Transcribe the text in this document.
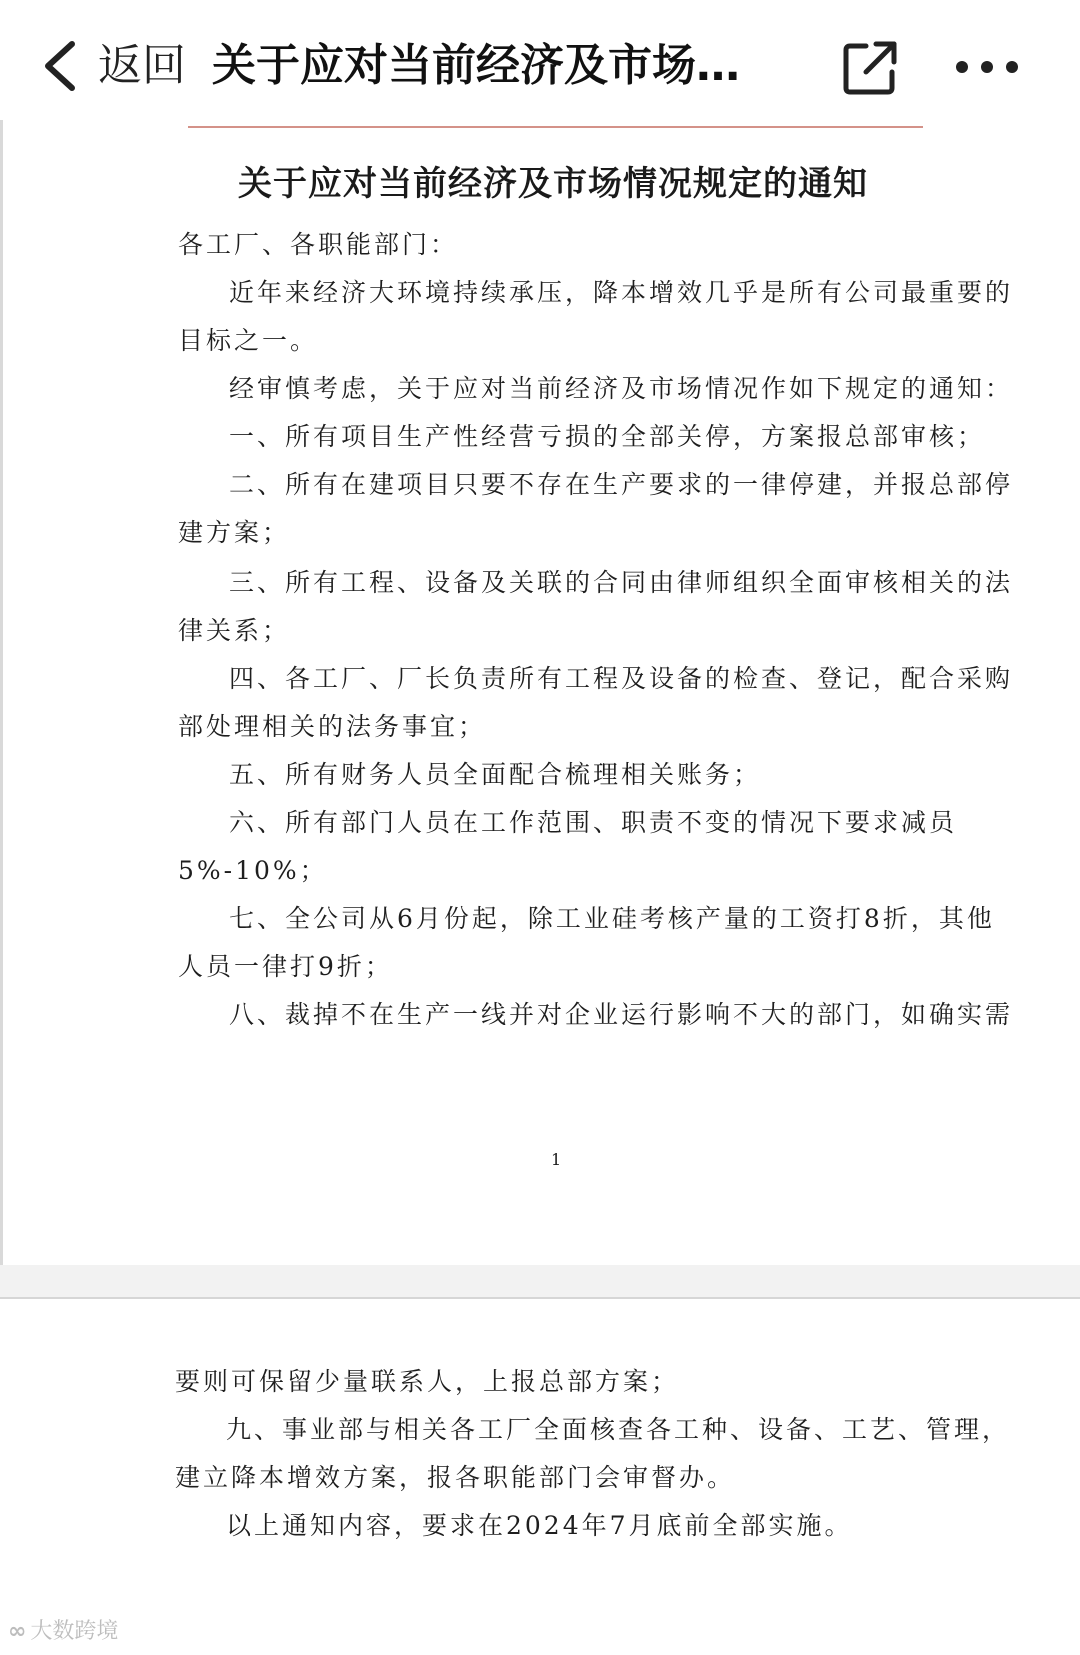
返回 关于应对当前经济及市场…
关于应对当前经济及市场情况规定的通知
各工厂、各职能部门：
近年来经济大环境持续承压，降本增效几乎是所有公司最重要的
目标之一。
经审慎考虑，关于应对当前经济及市场情况作如下规定的通知：
一、所有项目生产性经营亏损的全部关停，方案报总部审核；
二、所有在建项目只要不存在生产要求的一律停建，并报总部停
建方案；
三、所有工程、设备及关联的合同由律师组织全面审核相关的法
律关系；
四、各工厂、厂长负责所有工程及设备的检查、登记，配合采购
部处理相关的法务事宜；
五、所有财务人员全面配合梳理相关账务；
六、所有部门人员在工作范围、职责不变的情况下要求减员
5%-10%；
七、全公司从6月份起，除工业硅考核产量的工资打8折，其他
人员一律打9折；
八、裁掉不在生产一线并对企业运行影响不大的部门，如确实需
1
要则可保留少量联系人，上报总部方案；
九、事业部与相关各工厂全面核查各工种、设备、工艺、管理，
建立降本增效方案，报各职能部门会审督办。
以上通知内容，要求在2024年7月底前全部实施。
∞ 大数跨境
